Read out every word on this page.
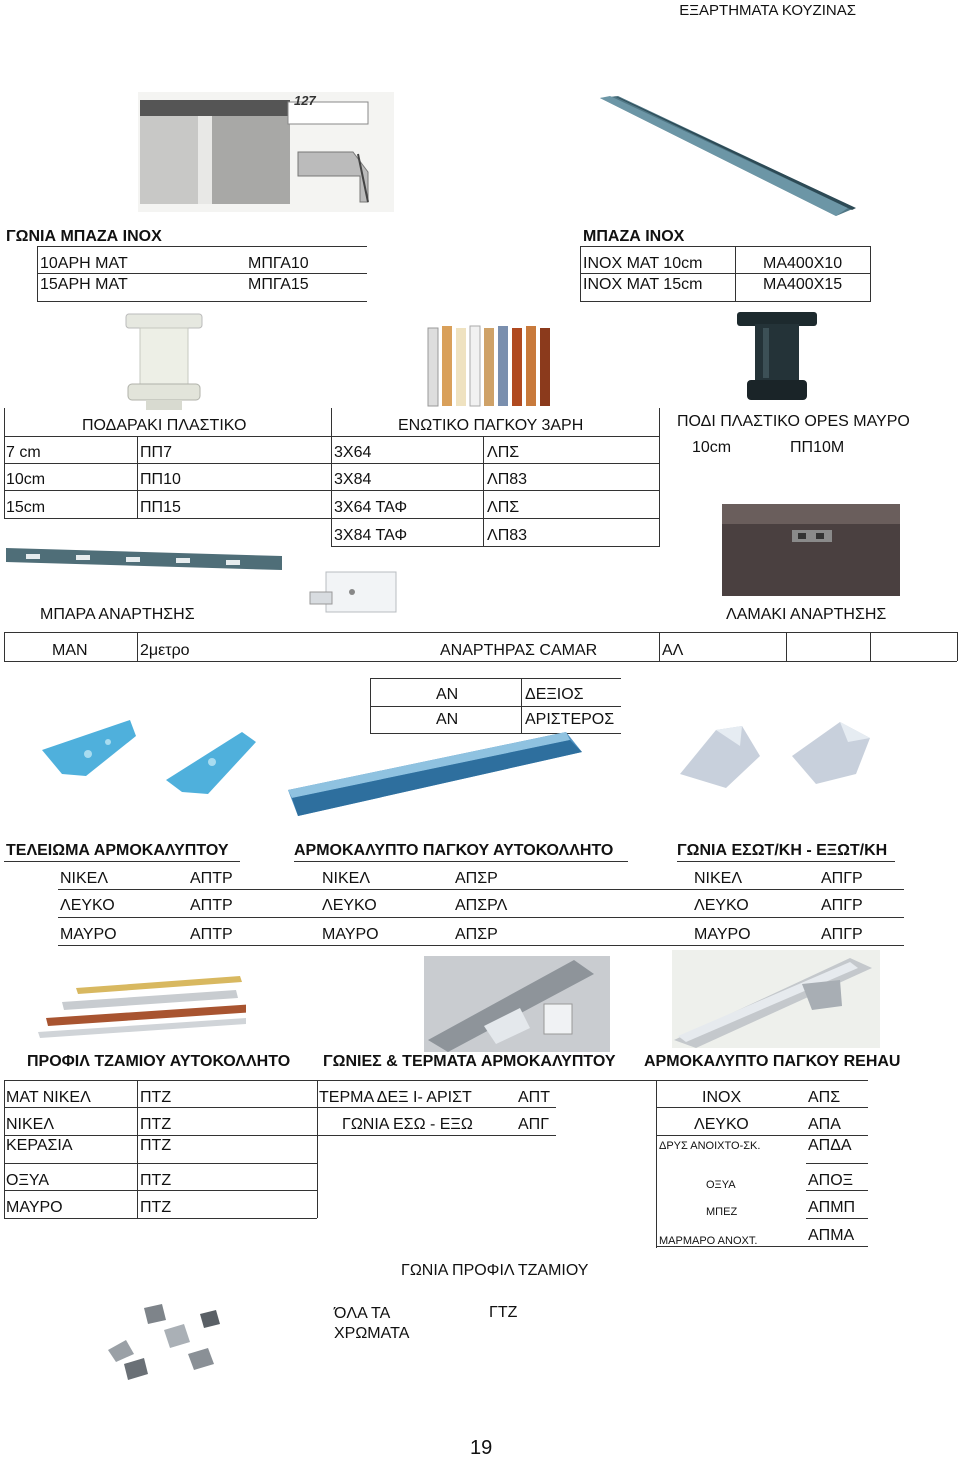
ΕΞΑΡΤΗΜΑΤΑ ΚΟΥΖΙΝΑΣ
127
ΓΩΝΙΑ ΜΠΑΖΑ ΙΝΟΧ
10ΑΡΗ ΜΑΤ	ΜΠΓΑ10
15ΑΡΗ ΜΑΤ	ΜΠΓΑ15
ΜΠΑΖΑ ΙΝΟΧ
ΙΝΟΧ ΜΑΤ 10cm	ΜΑ400Χ10
ΙΝΟΧ ΜΑΤ 15cm	ΜΑ400Χ15
ΠΟΔΑΡΑΚΙ ΠΛΑΣΤΙΚΟ	ΕΝΩΤΙΚΟ ΠΑΓΚΟΥ 3ΑΡΗ
7 cm	ΠΠ7
10cm	ΠΠ10
15cm	ΠΠ15
3Χ64	ΛΠΣ
3Χ84	ΛΠ83
3Χ64 ΤΑΦ	ΛΠΣ
3Χ84 ΤΑΦ	ΛΠ83
ΠΟΔΙ ΠΛΑΣΤΙΚΟ ΟΡΕS ΜΑΥΡΟ
10cm	ΠΠ10Μ
ΜΠΑΡΑ ΑΝΑΡΤΗΣΗΣ	ΛΑΜΑΚΙ ΑΝΑΡΤΗΣΗΣ
ΜΑΝ	2μετρο	ΑΝΑΡΤΗΡΑΣ CAMAR	ΑΛ
ΑΝ	ΔΕΞΙΟΣ
ΑΝ	ΑΡΙΣΤΕΡΟΣ
ΤΕΛΕΙΩΜΑ ΑΡΜΟΚΑΛΥΠΤΟΥ	ΑΡΜΟΚΑΛΥΠΤΟ ΠΑΓΚΟΥ ΑΥΤΟΚΟΛΛΗΤΟ	ΓΩΝΙΑ ΕΣΩΤ/ΚΗ - ΕΞΩΤ/ΚΗ
ΝΙΚΕΛ	ΑΠΤΡ
ΛΕΥΚΟ	ΑΠΤΡ
ΜΑΥΡΟ	ΑΠΤΡ
ΝΙΚΕΛ	ΑΠΣΡ
ΛΕΥΚΟ	ΑΠΣΡΛ
ΜΑΥΡΟ	ΑΠΣΡ
ΝΙΚΕΛ	ΑΠΓΡ
ΛΕΥΚΟ	ΑΠΓΡ
ΜΑΥΡΟ	ΑΠΓΡ
ΠΡΟΦΙΛ ΤΖΑΜΙΟΥ ΑΥΤΟΚΟΛΛΗΤΟ ΓΩΝΙΕΣ & ΤΕΡΜΑΤΑ ΑΡΜΟΚΑΛΥΠΤΟΥ ΑΡΜΟΚΑΛΥΠΤΟ ΠΑΓΚΟΥ REHAU
ΜΑΤ ΝΙΚΕΛ	ΠΤΖ
ΝΙΚΕΛ	ΠΤΖ
ΚΕΡΑΣΙΑ	ΠΤΖ
ΟΞΥΑ	ΠΤΖ
ΜΑΥΡΟ	ΠΤΖ
ΤΕΡΜΑ ΔΕΞ Ι- ΑΡΙΣΤ	ΑΠΤ
ΓΩΝΙΑ ΕΣΩ - ΕΞΩ	ΑΠΓ
ΙΝΟΧ	ΑΠΣ
ΛΕΥΚΟ	ΑΠΑ
ΔΡΥΣ ΑΝΟΙΧΤΟ-ΣΚ.	ΑΠΔΑ
ΟΞΥΑ	ΑΠΟΞ
ΜΠΕΖ	ΑΠΜΠ
ΜΑΡΜΑΡΟ ΑΝΟΧΤ.	ΑΠΜΑ
ΓΩΝΙΑ ΠΡΟΦΙΛ ΤΖΑΜΙΟΥ
ΌΛΑ ΤΑ ΧΡΩΜΑΤΑ
ΓΤΖ
19
